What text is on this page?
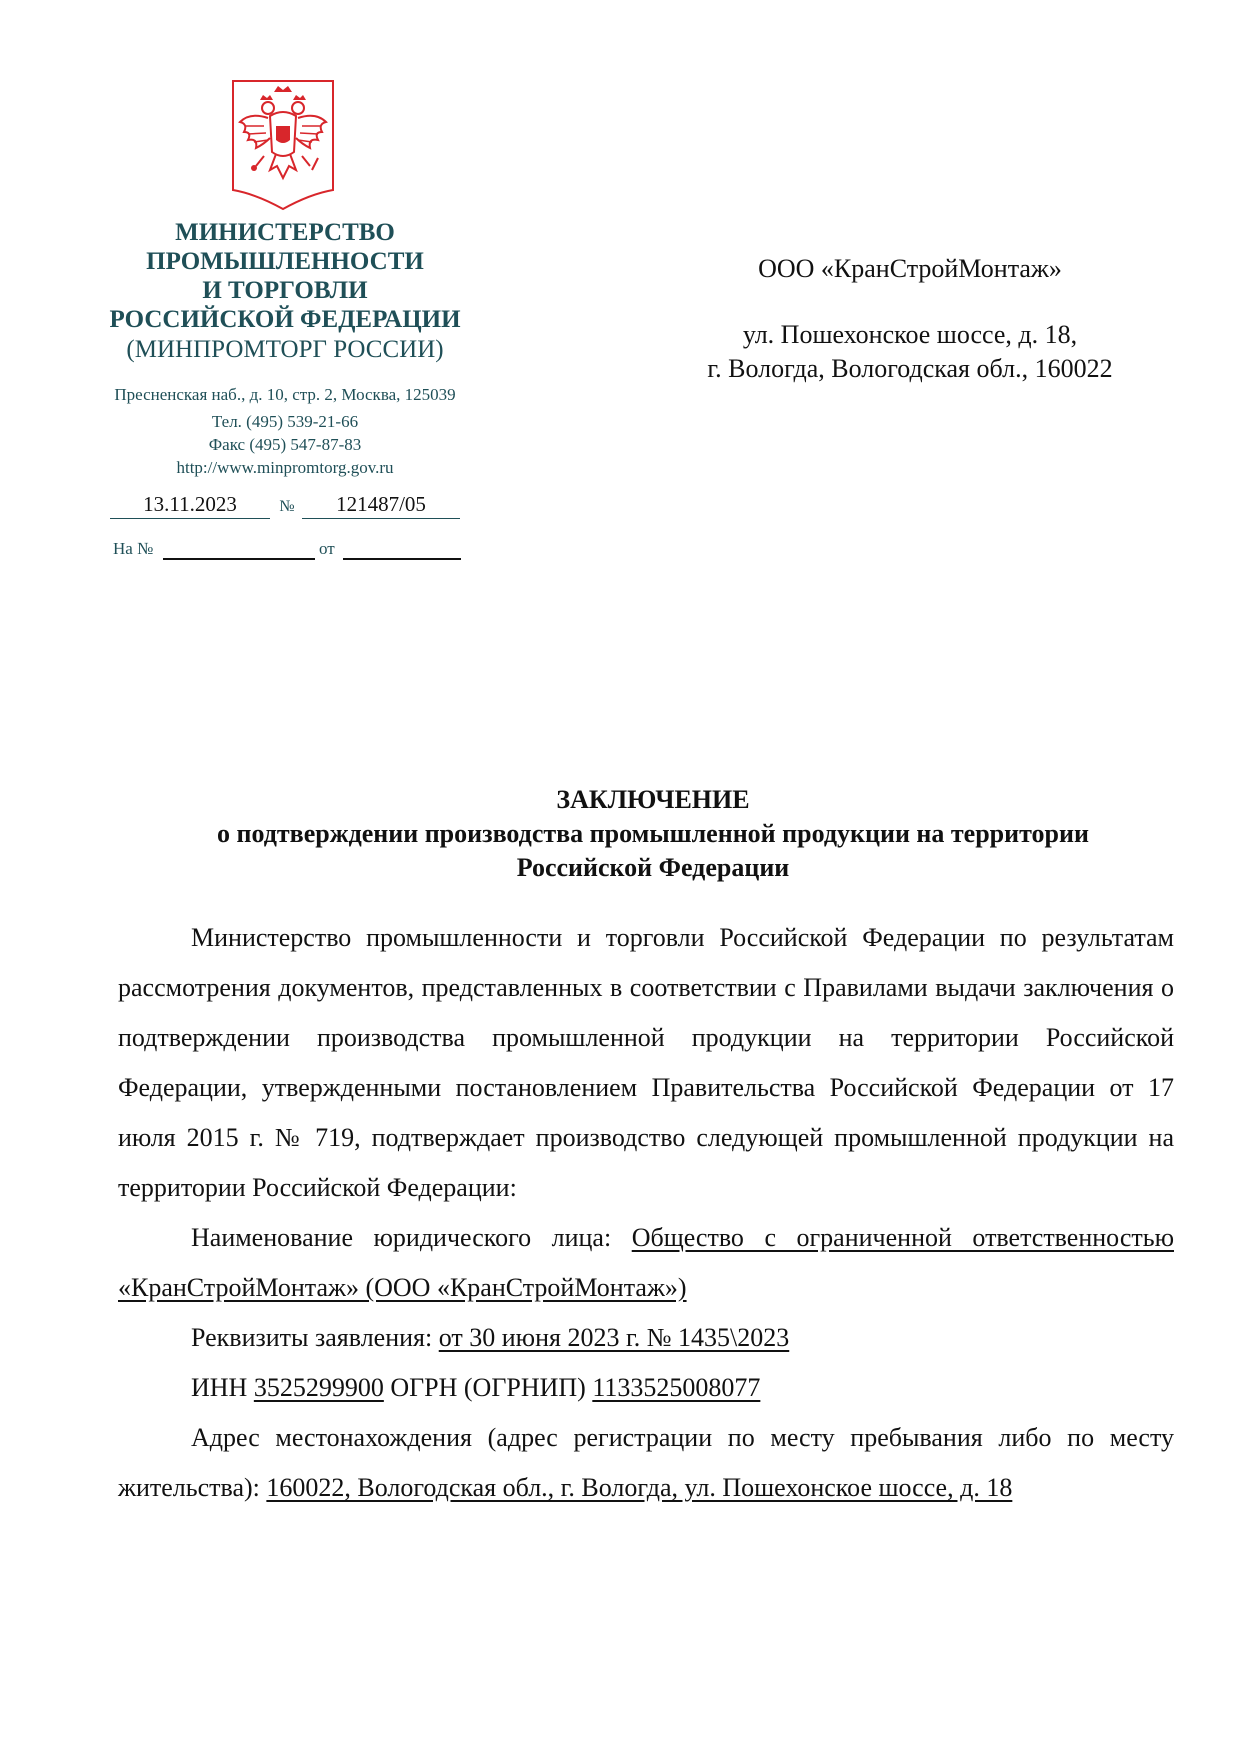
МИНИСТЕРСТВО
ПРОМЫШЛЕННОСТИ
И ТОРГОВЛИ
РОССИЙСКОЙ ФЕДЕРАЦИИ
(МИНПРОМТОРГ РОССИИ)
Пресненская наб., д. 10, стр. 2, Москва, 125039
Тел. (495) 539-21-66
Факс (495) 547-87-83
http://www.minpromtorg.gov.ru
13.11.2023	№	121487/05
На №	от
ООО «КранСтройМонтаж»
ул. Пошехонское шоссе, д. 18,
г. Вологда, Вологодская обл., 160022
ЗАКЛЮЧЕНИЕ
о подтверждении производства промышленной продукции на территории
Российской Федерации

Министерство промышленности и торговли Российской Федерации по результатам рассмотрения документов, представленных в соответствии с Правилами выдачи заключения о подтверждении производства промышленной продукции на территории Российской Федерации, утвержденными постановлением Правительства Российской Федерации от 17 июля 2015 г. № 719, подтверждает производство следующей промышленной продукции на территории Российской Федерации:

Наименование юридического лица: Общество с ограниченной ответственностью «КранСтройМонтаж» (ООО «КранСтройМонтаж»)

Реквизиты заявления: от 30 июня 2023 г. № 1435\2023

ИНН 3525299900 ОГРН (ОГРНИП) 1133525008077

Адрес местонахождения (адрес регистрации по месту пребывания либо по месту жительства): 160022, Вологодская обл., г. Вологда, ул. Пошехонское шоссе, д. 18
